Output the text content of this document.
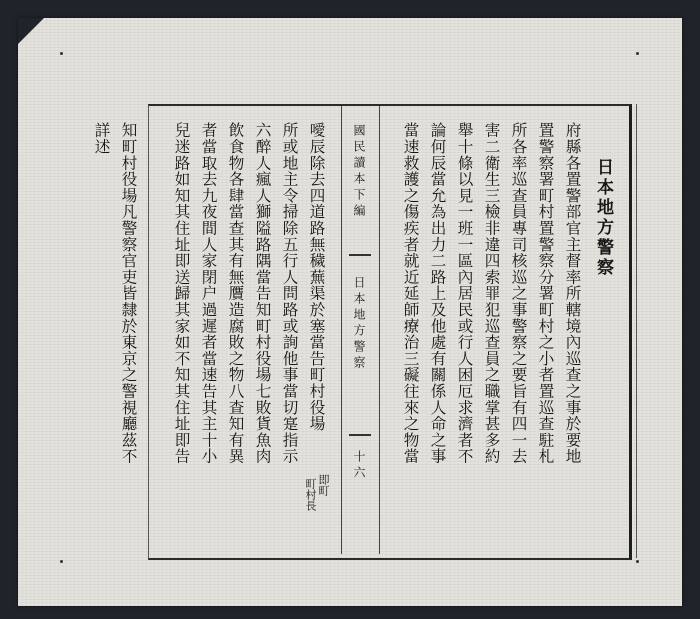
日本地方警察
府縣各置警部官主督率所轄境內巡查之事於要地
置警察署町村置警察分署町村之小者置巡查駐札
所各率巡查員專司核巡之事警察之要旨有四一去
害二衛生三檢非違四索罪犯巡查員之職掌甚多約
舉十條以見一班一區內居民或行人困厄求濟者不
論何辰當允為出力二路上及他處有關係人命之事
當速救護之傷疾者就近延師療治三礙往來之物當
國民讀本下編
日本地方警察
十六
噯辰除去四道路無穢蕪渠於塞當告町村役場
即町
町村長
所或地主令掃除五行人問路或詢他事當切寔指示
六醉人瘋人獅隘路隅當告知町村役場七敗貨魚肉
飲食物各肆當查其有無贋造腐敗之物八查知有異
者當取去九夜間人家閉户過遲者當速告其主十小
兒迷路如知其住址即送歸其家如不知其住址即告
知町村役場凡警察官吏皆隸於東京之警視廳茲不
詳述
